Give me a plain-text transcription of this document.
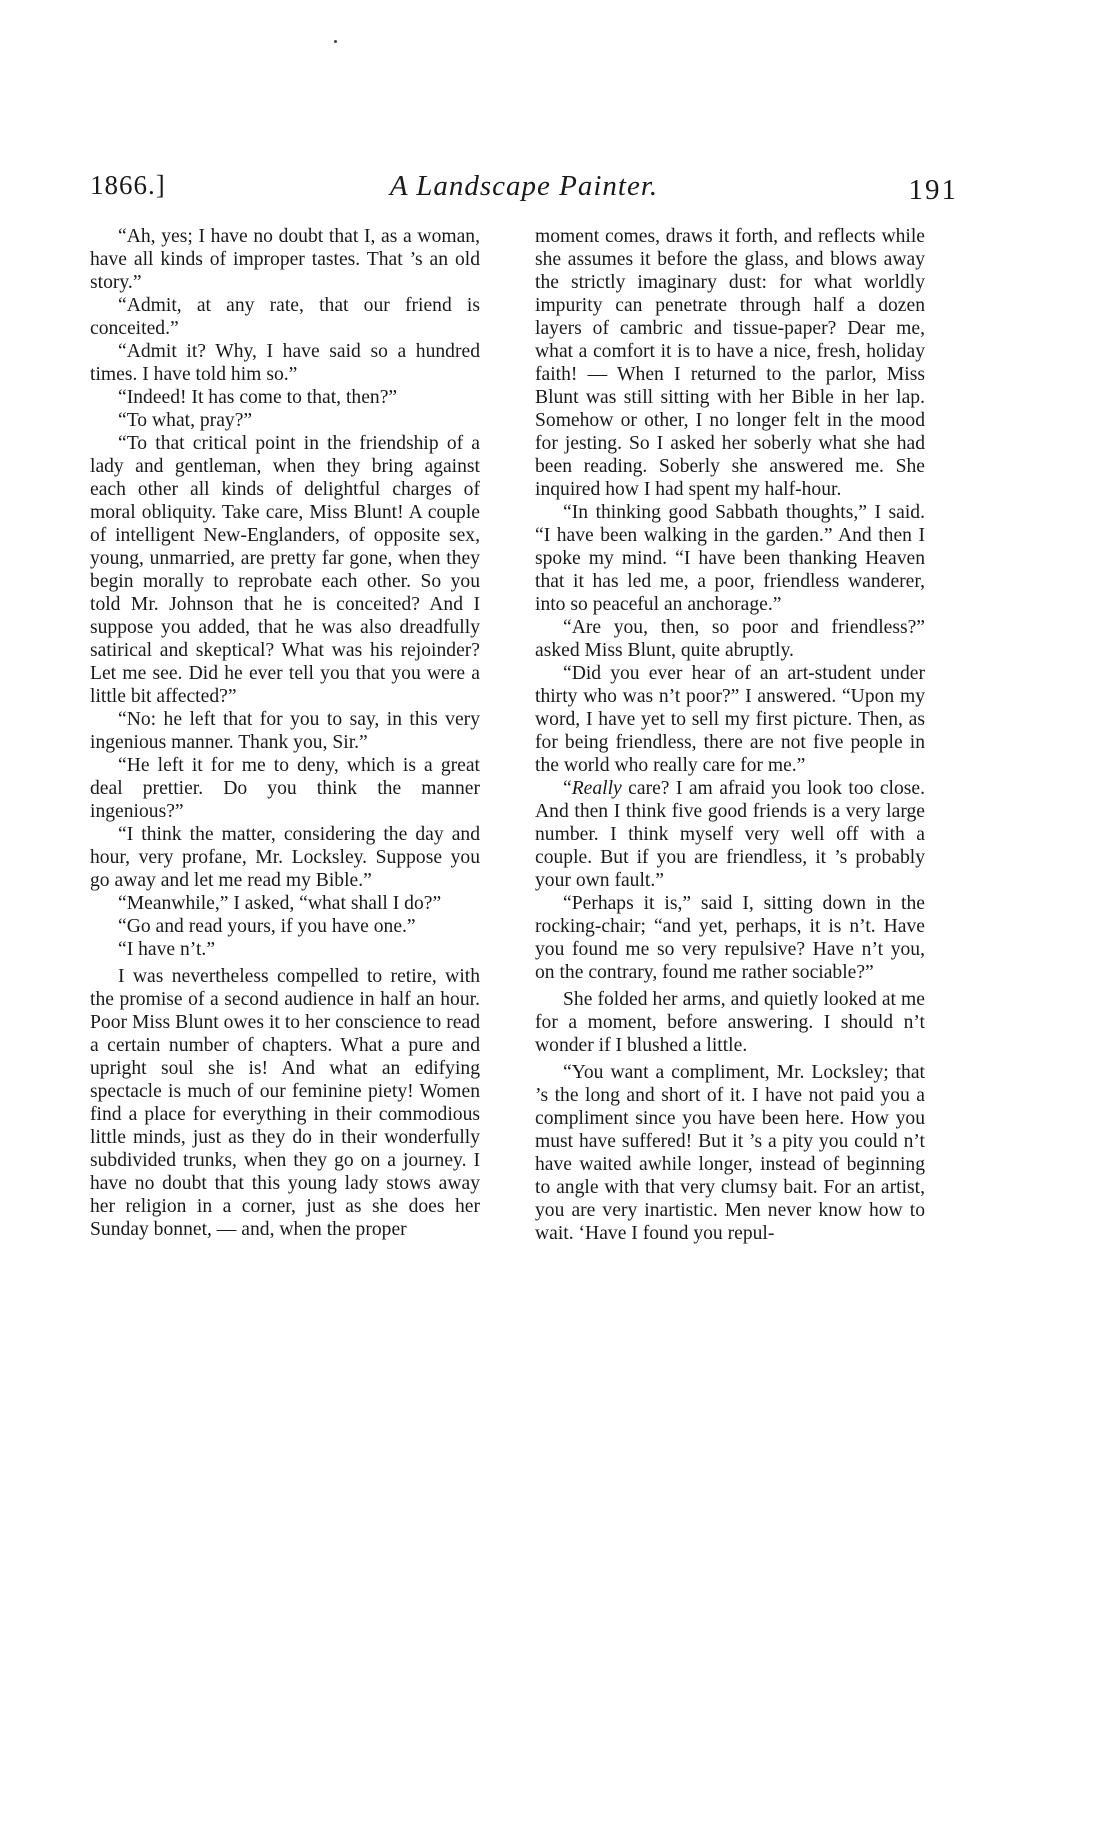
1866.]	A Landscape Painter.	191

“Ah, yes; I have no doubt that I, as a woman, have all kinds of improper tastes. That ’s an old story.”

“Admit, at any rate, that our friend is conceited.”

“Admit it? Why, I have said so a hundred times. I have told him so.”

“Indeed! It has come to that, then?”

“To what, pray?”

“To that critical point in the friendship of a lady and gentleman, when they bring against each other all kinds of delightful charges of moral obliquity. Take care, Miss Blunt! A couple of intelligent New-Englanders, of opposite sex, young, unmarried, are pretty far gone, when they begin morally to reprobate each other. So you told Mr. Johnson that he is conceited? And I suppose you added, that he was also dreadfully satirical and skeptical? What was his rejoinder? Let me see. Did he ever tell you that you were a little bit affected?”

“No: he left that for you to say, in this very ingenious manner. Thank you, Sir.”

“He left it for me to deny, which is a great deal prettier. Do you think the manner ingenious?”

“I think the matter, considering the day and hour, very profane, Mr. Locksley. Suppose you go away and let me read my Bible.”

“Meanwhile,” I asked, “what shall I do?”

“Go and read yours, if you have one.”

“I have n’t.”

I was nevertheless compelled to retire, with the promise of a second audience in half an hour. Poor Miss Blunt owes it to her conscience to read a certain number of chapters. What a pure and upright soul she is! And what an edifying spectacle is much of our feminine piety! Women find a place for everything in their commodious little minds, just as they do in their wonderfully subdivided trunks, when they go on a journey. I have no doubt that this young lady stows away her religion in a corner, just as she does her Sunday bonnet, — and, when the proper

moment comes, draws it forth, and reflects while she assumes it before the glass, and blows away the strictly imaginary dust: for what worldly impurity can penetrate through half a dozen layers of cambric and tissue-paper? Dear me, what a comfort it is to have a nice, fresh, holiday faith! — When I returned to the parlor, Miss Blunt was still sitting with her Bible in her lap. Somehow or other, I no longer felt in the mood for jesting. So I asked her soberly what she had been reading. Soberly she answered me. She inquired how I had spent my half-hour.

“In thinking good Sabbath thoughts,” I said. “I have been walking in the garden.” And then I spoke my mind. “I have been thanking Heaven that it has led me, a poor, friendless wanderer, into so peaceful an anchorage.”

“Are you, then, so poor and friendless?” asked Miss Blunt, quite abruptly.

“Did you ever hear of an art-student under thirty who was n’t poor?” I answered. “Upon my word, I have yet to sell my first picture. Then, as for being friendless, there are not five people in the world who really care for me.”

“Really care? I am afraid you look too close. And then I think five good friends is a very large number. I think myself very well off with a couple. But if you are friendless, it ’s probably your own fault.”

“Perhaps it is,” said I, sitting down in the rocking-chair; “and yet, perhaps, it is n’t. Have you found me so very repulsive? Have n’t you, on the contrary, found me rather sociable?”

She folded her arms, and quietly looked at me for a moment, before answering. I should n’t wonder if I blushed a little.

“You want a compliment, Mr. Locksley; that ’s the long and short of it. I have not paid you a compliment since you have been here. How you must have suffered! But it ’s a pity you could n’t have waited awhile longer, instead of beginning to angle with that very clumsy bait. For an artist, you are very inartistic. Men never know how to wait. ‘Have I found you repul-
